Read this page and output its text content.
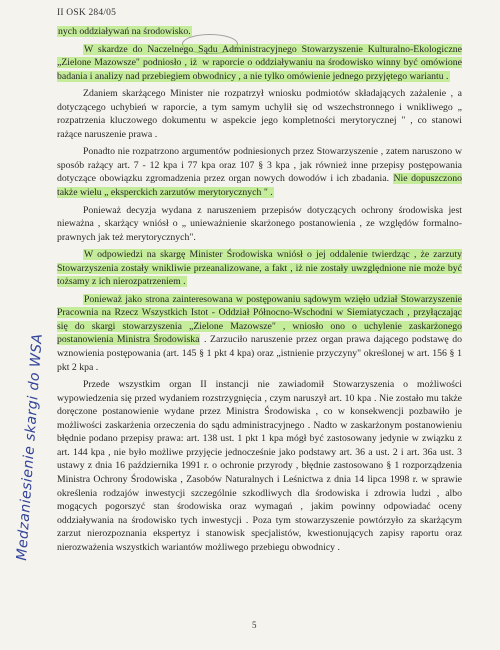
II OSK 284/05

nych oddziaływań na środowisko.

W skardze do Naczelnego Sądu Administracyjnego Stowarzyszenie Kulturalno-Ekologiczne „Zielone Mazowsze" podniosło , iż w raporcie o oddziaływaniu na środowisko winny być omówione badania i analizy nad przebiegiem obwodnicy , a nie tylko omówienie jednego przyjętego wariantu .

Zdaniem skarżącego Minister nie rozpatrzył wniosku podmiotów składających zażalenie , a dotyczącego uchybień w raporcie, a tym samym uchylił się od wszechstronnego i wnikliwego „ rozpatrzenia kluczowego dokumentu w aspekcie jego kompletności merytorycznej " , co stanowi rażące naruszenie prawa .

Ponadto nie rozpatrzono argumentów podniesionych przez Stowarzyszenie , zatem naruszono w sposób rażący art. 7 - 12 kpa i 77 kpa oraz 107 § 3 kpa , jak również inne przepisy postępowania dotyczące obowiązku zgromadzenia przez organ nowych dowodów i ich zbadania. Nie dopuszczono także wielu „ eksperckich zarzutów merytorycznych " .

Ponieważ decyzja wydana z naruszeniem przepisów dotyczących ochrony środowiska jest nieważna , skarżący wniósł o „ unieważnienie skarżonego postanowienia , ze względów formalno-prawnych jak też merytorycznych".

W odpowiedzi na skargę Minister Środowiska wniósł o jej oddalenie twierdząc , że zarzuty Stowarzyszenia zostały wnikliwie przeanalizowane, a fakt , iż nie zostały uwzględnione nie może być tożsamy z ich nierozpatrzeniem .

Ponieważ jako strona zainteresowana w postępowaniu sądowym wzięło udział Stowarzyszenie Pracownia na Rzecz Wszystkich Istot - Oddział Północno-Wschodni w Siemiatyczach , przyłączając się do skargi stowarzyszenia „Zielone Mazowsze" , wniosło ono o uchylenie zaskarżonego postanowienia Ministra Środowiska . Zarzuciło naruszenie przez organ prawa dającego podstawę do wznowienia postępowania (art. 145 § 1 pkt 4 kpa) oraz „istnienie przyczyny" określonej w art. 156 § 1 pkt 2 kpa .

Przede wszystkim organ II instancji nie zawiadomił Stowarzyszenia o możliwości wypowiedzenia się przed wydaniem rozstrzygnięcia , czym naruszył art. 10 kpa . Nie zostało mu także doręczone postanowienie wydane przez Ministra Środowiska , co w konsekwencji pozbawiło je możliwości zaskarżenia orzeczenia do sądu administracyjnego . Nadto w zaskarżonym postanowieniu błędnie podano przepisy prawa: art. 138 ust. 1 pkt 1 kpa mógł być zastosowany jedynie w związku z art. 144 kpa , nie było możliwe przyjęcie jednocześnie jako podstawy art. 36 a ust. 2 i art. 36a ust. 3 ustawy z dnia 16 października 1991 r. o ochronie przyrody , błędnie zastosowano § 1 rozporządzenia Ministra Ochrony Środowiska , Zasobów Naturalnych i Leśnictwa z dnia 14 lipca 1998 r. w sprawie określenia rodzajów inwestycji szczególnie szkodliwych dla środowiska i zdrowia ludzi , albo mogących pogorszyć stan środowiska oraz wymagań , jakim powinny odpowiadać oceny oddziaływania na środowisko tych inwestycji . Poza tym stowarzyszenie powtórzyło za skarżącym zarzut nierozpoznania ekspertyz i stanowisk specjalistów, kwestionujących zapisy raportu oraz nierozważenia wszystkich wariantów możliwego przebiegu obwodnicy .

Medzaniesienie skargi do WSA
5
